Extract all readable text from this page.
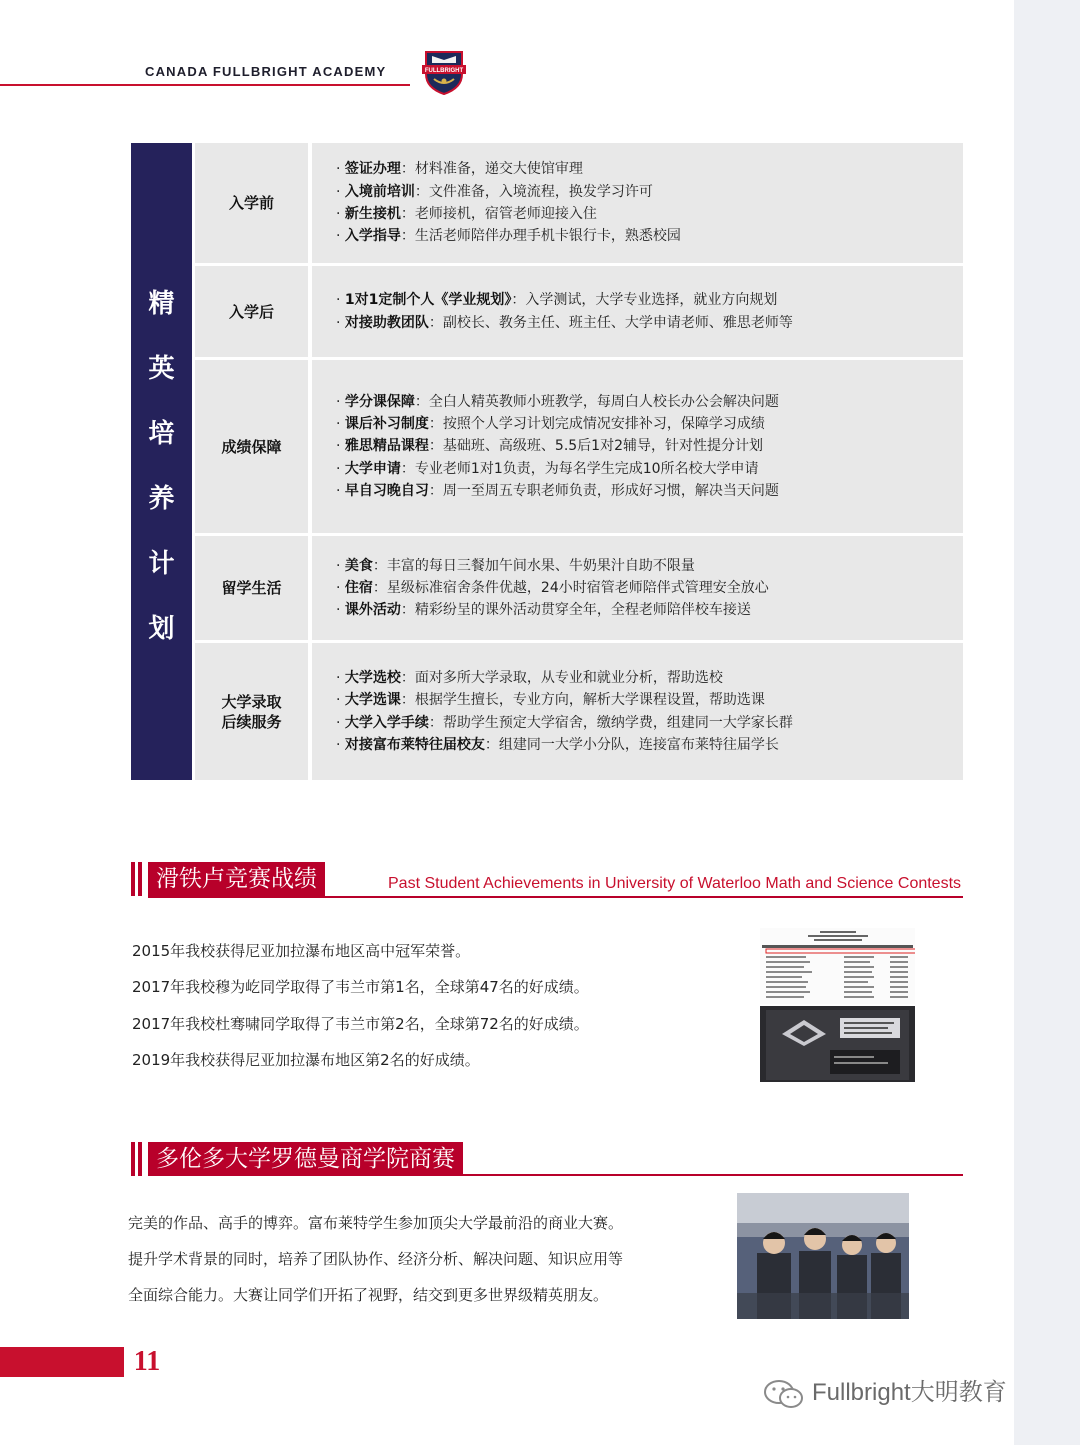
CANADA FULLBRIGHT ACADEMY	FULLBRIGHT
精
英
培
养
计
划
入学前
· 签证办理：材料准备，递交大使馆审理
· 入境前培训：文件准备，入境流程，换发学习许可
· 新生接机：老师接机，宿管老师迎接入住
· 入学指导：生活老师陪伴办理手机卡银行卡，熟悉校园
入学后
· 1对1定制个人《学业规划》：入学测试，大学专业选择，就业方向规划
· 对接助教团队：副校长、教务主任、班主任、大学申请老师、雅思老师等
成绩保障
· 学分课保障：全白人精英教师小班教学，每周白人校长办公会解决问题
· 课后补习制度：按照个人学习计划完成情况安排补习，保障学习成绩
· 雅思精品课程：基础班、高级班、5.5后1对2辅导，针对性提分计划
· 大学申请：专业老师1对1负责，为每名学生完成10所名校大学申请
· 早自习晚自习：周一至周五专职老师负责，形成好习惯，解决当天问题
留学生活
· 美食：丰富的每日三餐加午间水果、牛奶果汁自助不限量
· 住宿：星级标准宿舍条件优越，24小时宿管老师陪伴式管理安全放心
· 课外活动：精彩纷呈的课外活动贯穿全年，全程老师陪伴校车接送
大学录取
后续服务
· 大学选校：面对多所大学录取，从专业和就业分析，帮助选校
· 大学选课：根据学生擅长，专业方向，解析大学课程设置，帮助选课
· 大学入学手续：帮助学生预定大学宿舍，缴纳学费，组建同一大学家长群
· 对接富布莱特往届校友：组建同一大学小分队，连接富布莱特往届学长
滑铁卢竞赛战绩	Past Student Achievements in University of Waterloo Math and Science Contests
2015年我校获得尼亚加拉瀑布地区高中冠军荣誉。
2017年我校穆为屹同学取得了韦兰市第1名，全球第47名的好成绩。
2017年我校杜骞啸同学取得了韦兰市第2名，全球第72名的好成绩。
2019年我校获得尼亚加拉瀑布地区第2名的好成绩。
多伦多大学罗德曼商学院商赛
完美的作品、高手的博弈。富布莱特学生参加顶尖大学最前沿的商业大赛。
提升学术背景的同时，培养了团队协作、经济分析、解决问题、知识应用等
全面综合能力。大赛让同学们开拓了视野，结交到更多世界级精英朋友。
11
Fullbright大明教育
